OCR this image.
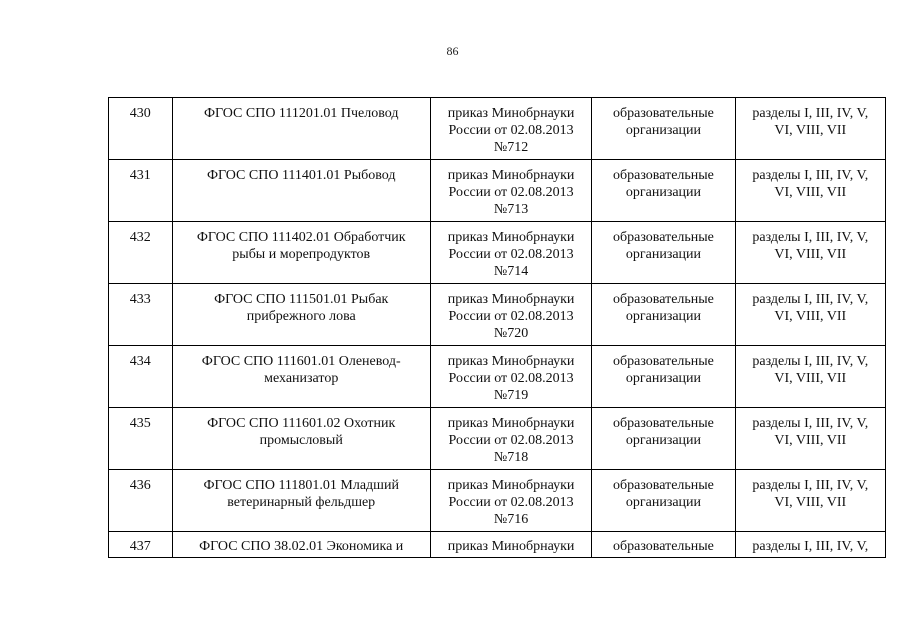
86
430	ФГОС СПО 111201.01 Пчеловод	приказ Минобрнауки России от 02.08.2013 №712	образовательные организации	разделы I, III, IV, V, VI, VIII, VII
431	ФГОС СПО 111401.01 Рыбовод	приказ Минобрнауки России от 02.08.2013 №713	образовательные организации	разделы I, III, IV, V, VI, VIII, VII
432	ФГОС СПО 111402.01 Обработчик рыбы и морепродуктов	приказ Минобрнауки России от 02.08.2013 №714	образовательные организации	разделы I, III, IV, V, VI, VIII, VII
433	ФГОС СПО 111501.01 Рыбак прибрежного лова	приказ Минобрнауки России от 02.08.2013 №720	образовательные организации	разделы I, III, IV, V, VI, VIII, VII
434	ФГОС СПО 111601.01 Оленевод-механизатор	приказ Минобрнауки России от 02.08.2013 №719	образовательные организации	разделы I, III, IV, V, VI, VIII, VII
435	ФГОС СПО 111601.02 Охотник промысловый	приказ Минобрнауки России от 02.08.2013 №718	образовательные организации	разделы I, III, IV, V, VI, VIII, VII
436	ФГОС СПО 111801.01 Младший ветеринарный фельдшер	приказ Минобрнауки России от 02.08.2013 №716	образовательные организации	разделы I, III, IV, V, VI, VIII, VII
437	ФГОС СПО 38.02.01 Экономика и	приказ Минобрнауки	образовательные	разделы I, III, IV, V,
